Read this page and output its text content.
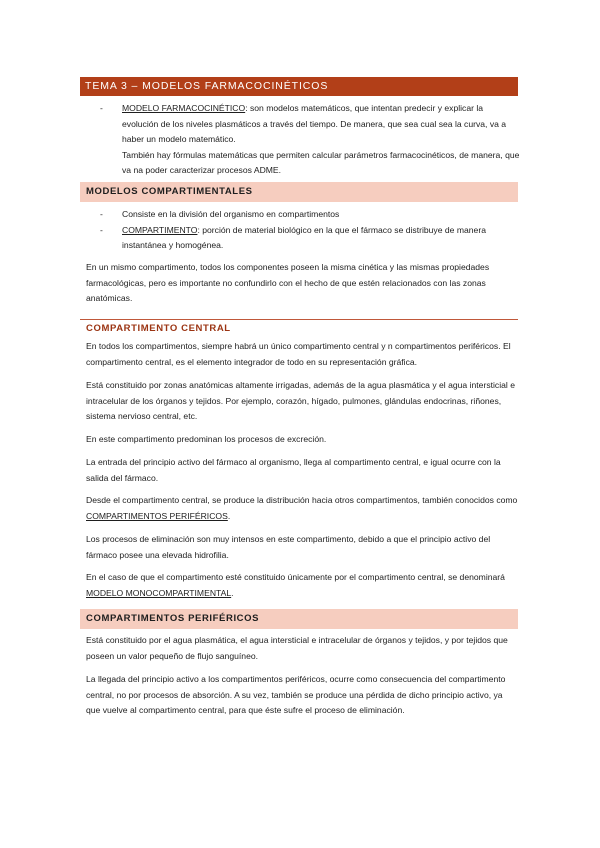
TEMA 3 – MODELOS FARMACOCINÉTICOS
- MODELO FARMACOCINÉTICO: son modelos matemáticos, que intentan predecir y explicar la evolución de los niveles plasmáticos a través del tiempo. De manera, que sea cual sea la curva, va a haber un modelo matemático.
También hay fórmulas matemáticas que permiten calcular parámetros farmacocinéticos, de manera, que va na poder caracterizar procesos ADME.
MODELOS COMPARTIMENTALES
- Consiste en la división del organismo en compartimentos
- COMPARTIMENTO: porción de material biológico en la que el fármaco se distribuye de manera instantánea y homogénea.
En un mismo compartimento, todos los componentes poseen la misma cinética y las mismas propiedades farmacológicas, pero es importante no confundirlo con el hecho de que estén relacionados con las zonas anatómicas.
COMPARTIMENTO CENTRAL
En todos los compartimentos, siempre habrá un único compartimento central y n compartimentos periféricos. El compartimento central, es el elemento integrador de todo en su representación gráfica.
Está constituido por zonas anatómicas altamente irrigadas, además de la agua plasmática y el agua intersticial e intracelular de los órganos y tejidos. Por ejemplo, corazón, hígado, pulmones, glándulas endocrinas, riñones, sistema nervioso central, etc.
En este compartimento predominan los procesos de excreción.
La entrada del principio activo del fármaco al organismo, llega al compartimento central, e igual ocurre con la salida del fármaco.
Desde el compartimento central, se produce la distribución hacia otros compartimentos, también conocidos como COMPARTIMENTOS PERIFÉRICOS.
Los procesos de eliminación son muy intensos en este compartimento, debido a que el principio activo del fármaco posee una elevada hidrofilia.
En el caso de que el compartimento esté constituido únicamente por el compartimento central, se denominará MODELO MONOCOMPARTIMENTAL.
COMPARTIMENTOS PERIFÉRICOS
Está constituido por el agua plasmática, el agua intersticial e intracelular de órganos y tejidos, y por tejidos que poseen un valor pequeño de flujo sanguíneo.
La llegada del principio activo a los compartimentos periféricos, ocurre como consecuencia del compartimento central, no por procesos de absorción. A su vez, también se produce una pérdida de dicho principio activo, ya que vuelve al compartimento central, para que éste sufre el proceso de eliminación.
